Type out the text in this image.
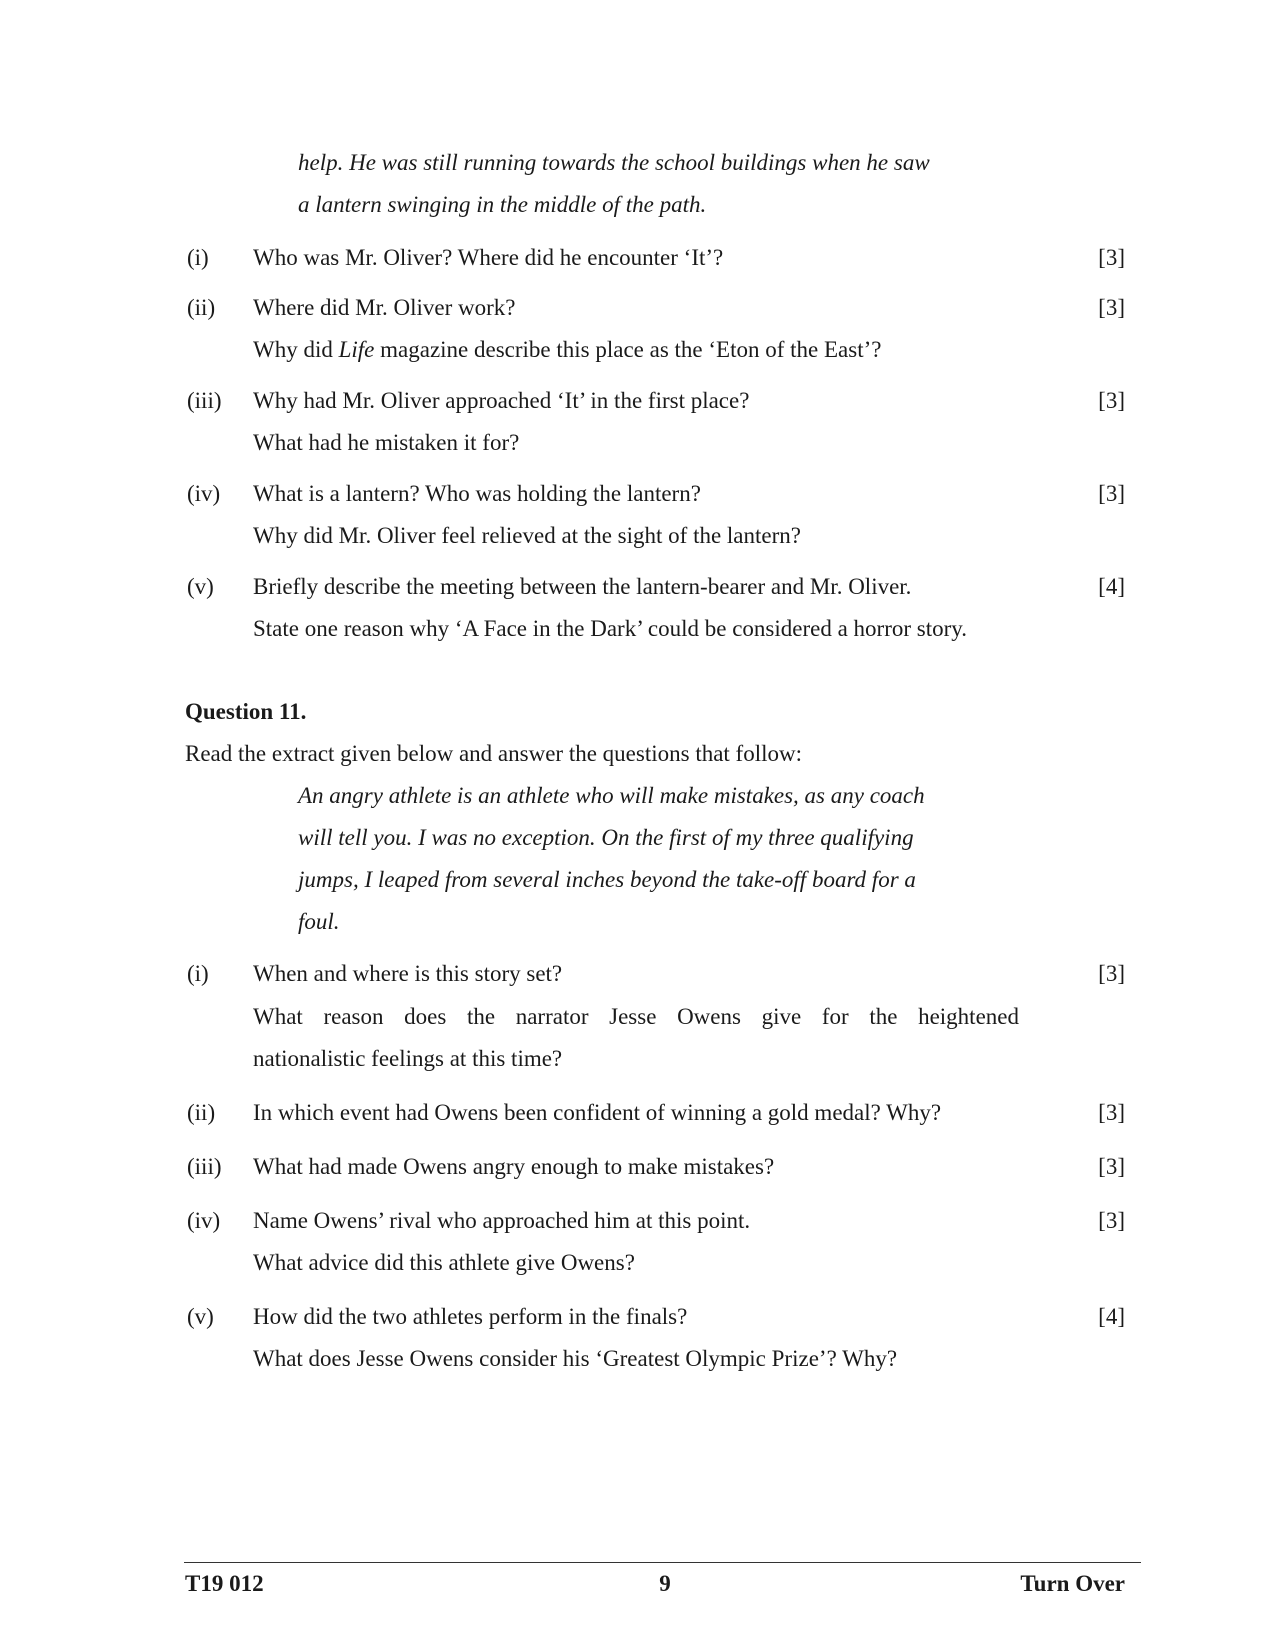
help. He was still running towards the school buildings when he saw
a lantern swinging in the middle of the path.
(i) Who was Mr. Oliver? Where did he encounter ‘It’?	[3]
(ii) Where did Mr. Oliver work?	[3]
Why did Life magazine describe this place as the ‘Eton of the East’?
(iii) Why had Mr. Oliver approached ‘It’ in the first place?	[3]
What had he mistaken it for?
(iv) What is a lantern? Who was holding the lantern?	[3]
Why did Mr. Oliver feel relieved at the sight of the lantern?
(v) Briefly describe the meeting between the lantern-bearer and Mr. Oliver.	[4]
State one reason why ‘A Face in the Dark’ could be considered a horror story.
Question 11.
Read the extract given below and answer the questions that follow:
An angry athlete is an athlete who will make mistakes, as any coach
will tell you. I was no exception. On the first of my three qualifying
jumps, I leaped from several inches beyond the take-off board for a
foul.
(i) When and where is this story set?	[3]
What reason does the narrator Jesse Owens give for the heightened
nationalistic feelings at this time?
(ii) In which event had Owens been confident of winning a gold medal? Why?	[3]
(iii) What had made Owens angry enough to make mistakes?	[3]
(iv) Name Owens’ rival who approached him at this point.	[3]
What advice did this athlete give Owens?
(v) How did the two athletes perform in the finals?	[4]
What does Jesse Owens consider his ‘Greatest Olympic Prize’? Why?
T19 012	9	Turn Over
